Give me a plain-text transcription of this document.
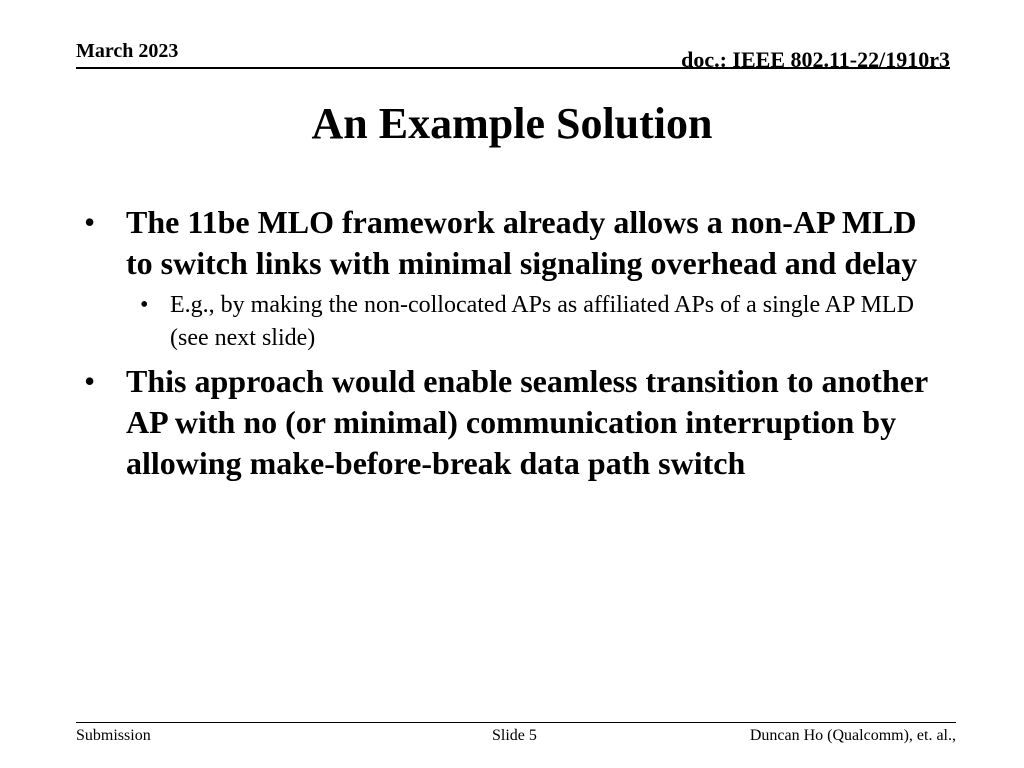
March 2023	doc.: IEEE 802.11-22/1910r3
An Example Solution
• The 11be MLO framework already allows a non-AP MLD to switch links with minimal signaling overhead and delay
• E.g., by making the non-collocated APs as affiliated APs of a single AP MLD (see next slide)
• This approach would enable seamless transition to another AP with no (or minimal) communication interruption by allowing make-before-break data path switch
Submission	Slide 5	Duncan Ho (Qualcomm), et. al.,
